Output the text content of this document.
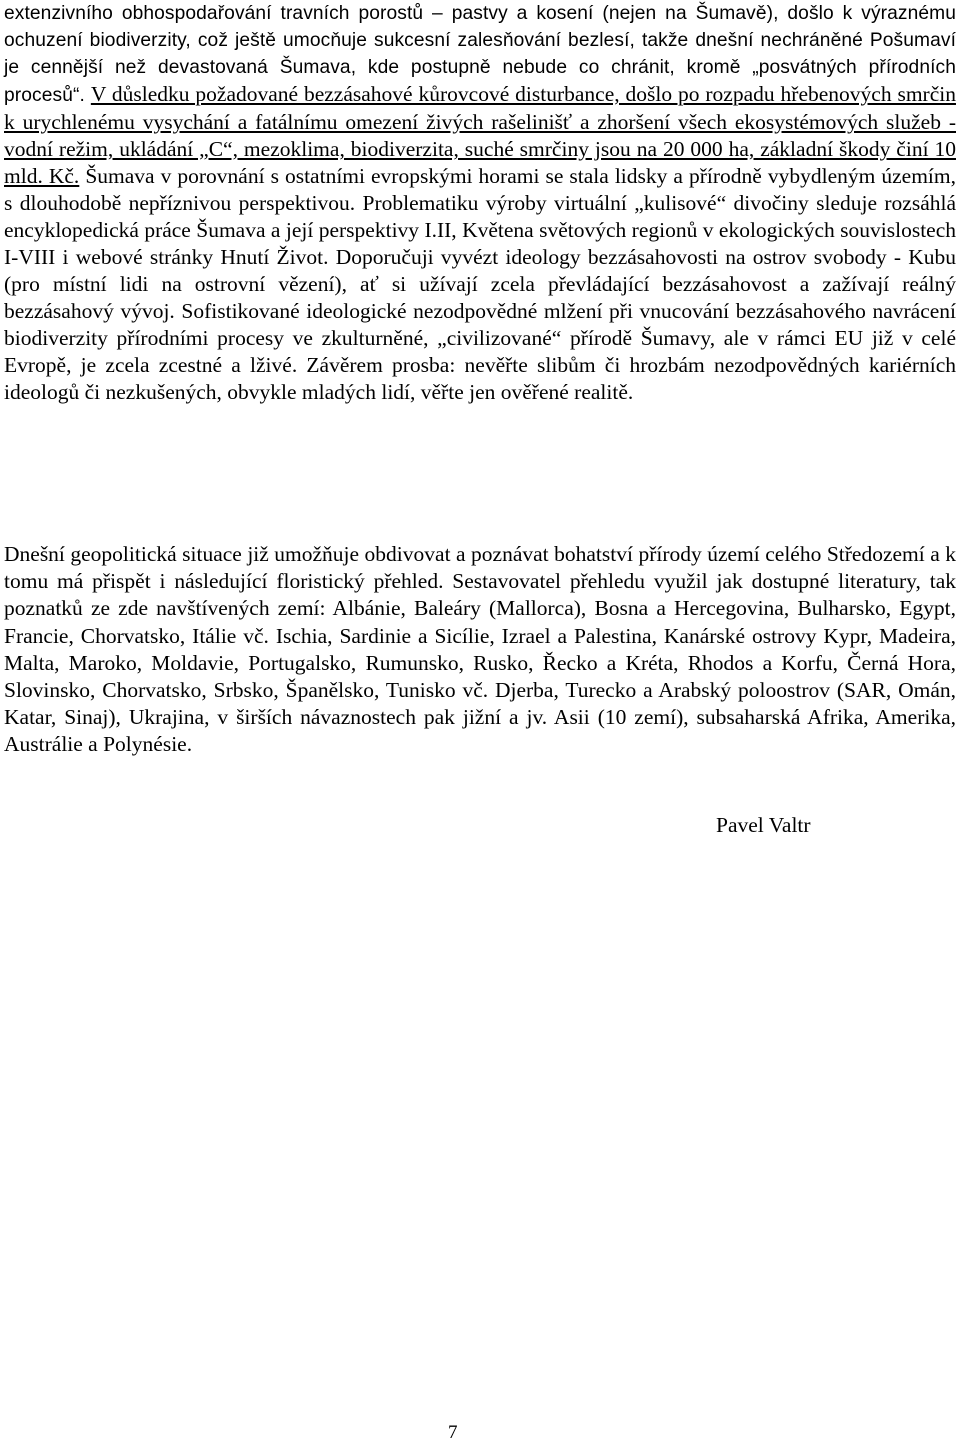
extenzivního obhospodařování travních porostů – pastvy a kosení (nejen na Šumavě), došlo k výraznému ochuzení biodiverzity, což ještě umocňuje sukcesní zalesňování bezlesí, takže dnešní nechráněné Pošumaví je cennější než devastovaná Šumava, kde postupně nebude co chránit, kromě „posvátných přírodních procesů“. V důsledku požadované bezzásahové kůrovcové disturbance, došlo po rozpadu hřebenových smrčin k urychlenému vysychání a fatálnímu omezení živých rašelinišť a zhoršení všech ekosystémových služeb - vodní režim, ukládání „C“, mezoklima, biodiverzita, suché smrčiny jsou na 20 000 ha, základní škody činí 10 mld. Kč. Šumava v porovnání s ostatními evropskými horami se stala lidsky a přírodně vybydleným územím, s dlouhodobě nepříznivou perspektivou. Problematiku výroby virtuální „kulisové“ divočiny sleduje rozsáhlá encyklopedická práce Šumava a její perspektivy I.II, Květena světových regionů v ekologických souvislostech I-VIII i webové stránky Hnutí Život. Doporučuji vyvézt ideology bezzásahovosti na ostrov svobody - Kubu (pro místní lidi na ostrovní vězení), ať si užívají zcela převládající bezzásahovost a zažívají reálný bezzásahový vývoj. Sofistikované ideologické nezodpovědné mlžení při vnucování bezzásahového navrácení biodiverzity přírodními procesy ve zkulturněné, „civilizované“ přírodě Šumavy, ale v rámci EU již v celé Evropě, je zcela zcestné a lživé. Závěrem prosba: nevěřte slibům či hrozbám nezodpovědných kariérních ideologů či nezkušených, obvykle mladých lidí, věřte jen ověřené realitě.

Dnešní geopolitická situace již umožňuje obdivovat a poznávat bohatství přírody území celého Středozemí a k tomu má přispět i následující floristický přehled. Sestavovatel přehledu využil jak dostupné literatury, tak poznatků ze zde navštívených zemí: Albánie, Baleáry (Mallorca), Bosna a Hercegovina, Bulharsko, Egypt, Francie, Chorvatsko, Itálie vč. Ischia, Sardinie a Sicílie, Izrael a Palestina, Kanárské ostrovy Kypr, Madeira, Malta, Maroko, Moldavie, Portugalsko, Rumunsko, Rusko, Řecko a Kréta, Rhodos a Korfu, Černá Hora, Slovinsko, Chorvatsko, Srbsko, Španělsko, Tunisko vč. Djerba, Turecko a Arabský poloostrov (SAR, Omán, Katar, Sinaj), Ukrajina, v širších návaznostech pak jižní a jv. Asii (10 zemí), subsaharská Afrika, Amerika, Austrálie a Polynésie.

Pavel Valtr

7
